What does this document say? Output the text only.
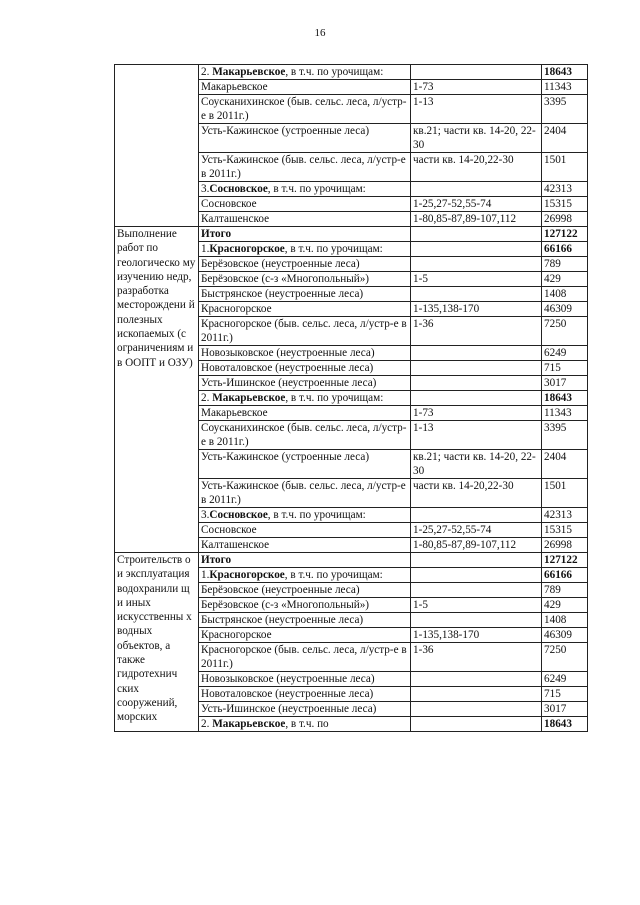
16
	2. Макарьевское, в т.ч. по урочищам:		18643
	Макарьевское	1-73	11343
	Соусканихинское (быв. сельс. леса, л/устр-е в 2011г.)	1-13	3395
	Усть-Кажинское (устроенные леса)	кв.21; части кв. 14-20, 22-30	2404
	Усть-Кажинское (быв. сельс. леса, л/устр-е в 2011г.)	части кв. 14-20,22-30	1501
	3.Сосновское, в т.ч. по урочищам:		42313
	Сосновское	1-25,27-52,55-74	15315
	Калташенское	1-80,85-87,89-107,112	26998
Выполнение работ по геологическо му изучению недр, разработка месторождени й полезных ископаемых (с ограничениям и в ООПТ и ОЗУ)	Итого		127122
	1.Красногорское, в т.ч. по урочищам:		66166
	Берёзовское (неустроенные леса)		789
	Берёзовское (с-з «Многопольный»)	1-5	429
	Быстрянское (неустроенные леса)		1408
	Красногорское	1-135,138-170	46309
	Красногорское (быв. сельс. леса, л/устр-е в 2011г.)	1-36	7250
	Новозыковское (неустроенные леса)		6249
	Новоталовское (неустроенные леса)		715
	Усть-Ишинское (неустроенные леса)		3017
	2. Макарьевское, в т.ч. по урочищам:		18643
	Макарьевское	1-73	11343
	Соусканихинское (быв. сельс. леса, л/устр-е в 2011г.)	1-13	3395
	Усть-Кажинское (устроенные леса)	кв.21; части кв. 14-20, 22-30	2404
	Усть-Кажинское (быв. сельс. леса, л/устр-е в 2011г.)	части кв. 14-20,22-30	1501
	3.Сосновское, в т.ч. по урочищам:		42313
	Сосновское	1-25,27-52,55-74	15315
	Калташенское	1-80,85-87,89-107,112	26998
Строительств о и эксплуатация водохранили щ и иных искусственны х водных объектов, а также гидротехнич ских сооружений, морских	Итого		127122
	1.Красногорское, в т.ч. по урочищам:		66166
	Берёзовское (неустроенные леса)		789
	Берёзовское (с-з «Многопольный»)	1-5	429
	Быстрянское (неустроенные леса)		1408
	Красногорское	1-135,138-170	46309
	Красногорское (быв. сельс. леса, л/устр-е в 2011г.)	1-36	7250
	Новозыковское (неустроенные леса)		6249
	Новоталовское (неустроенные леса)		715
	Усть-Ишинское (неустроенные леса)		3017
	2. Макарьевское, в т.ч. по		18643
